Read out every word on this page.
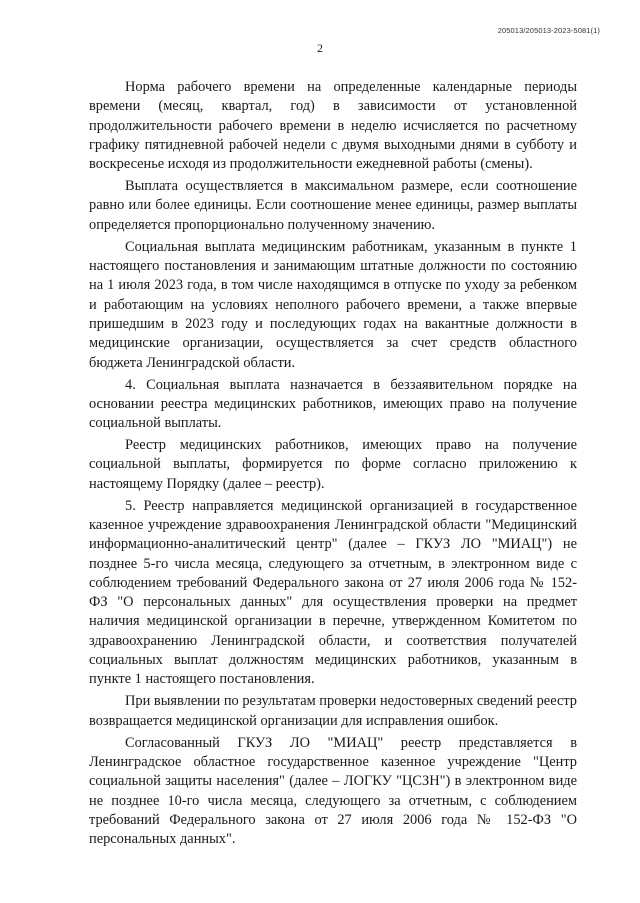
205013/205013-2023-5081(1)
2

Норма рабочего времени на определенные календарные периоды времени (месяц, квартал, год) в зависимости от установленной продолжительности рабочего времени в неделю исчисляется по расчетному графику пятидневной рабочей недели с двумя выходными днями в субботу и воскресенье исходя из продолжительности ежедневной работы (смены).

Выплата осуществляется в максимальном размере, если соотношение равно или более единицы. Если соотношение менее единицы, размер выплаты определяется пропорционально полученному значению.

Социальная выплата медицинским работникам, указанным в пункте 1 настоящего постановления и занимающим штатные должности по состоянию на 1 июля 2023 года, в том числе находящимся в отпуске по уходу за ребенком и работающим на условиях неполного рабочего времени, а также впервые пришедшим в 2023 году и последующих годах на вакантные должности в медицинские организации, осуществляется за счет средств областного бюджета Ленинградской области.

4. Социальная выплата назначается в беззаявительном порядке на основании реестра медицинских работников, имеющих право на получение социальной выплаты.

Реестр медицинских работников, имеющих право на получение социальной выплаты, формируется по форме согласно приложению к настоящему Порядку (далее – реестр).

5. Реестр направляется медицинской организацией в государственное казенное учреждение здравоохранения Ленинградской области "Медицинский информационно-аналитический центр" (далее – ГКУЗ ЛО "МИАЦ") не позднее 5-го числа месяца, следующего за отчетным, в электронном виде с соблюдением требований Федерального закона от 27 июля 2006 года № 152-ФЗ "О персональных данных" для осуществления проверки на предмет наличия медицинской организации в перечне, утвержденном Комитетом по здравоохранению Ленинградской области, и соответствия получателей социальных выплат должностям медицинских работников, указанным в пункте 1 настоящего постановления.

При выявлении по результатам проверки недостоверных сведений реестр возвращается медицинской организации для исправления ошибок.

Согласованный ГКУЗ ЛО "МИАЦ" реестр представляется в Ленинградское областное государственное казенное учреждение "Центр социальной защиты населения" (далее – ЛОГКУ "ЦСЗН") в электронном виде не позднее 10-го числа месяца, следующего за отчетным, с соблюдением требований Федерального закона от 27 июля 2006 года № 152-ФЗ "О персональных данных".
